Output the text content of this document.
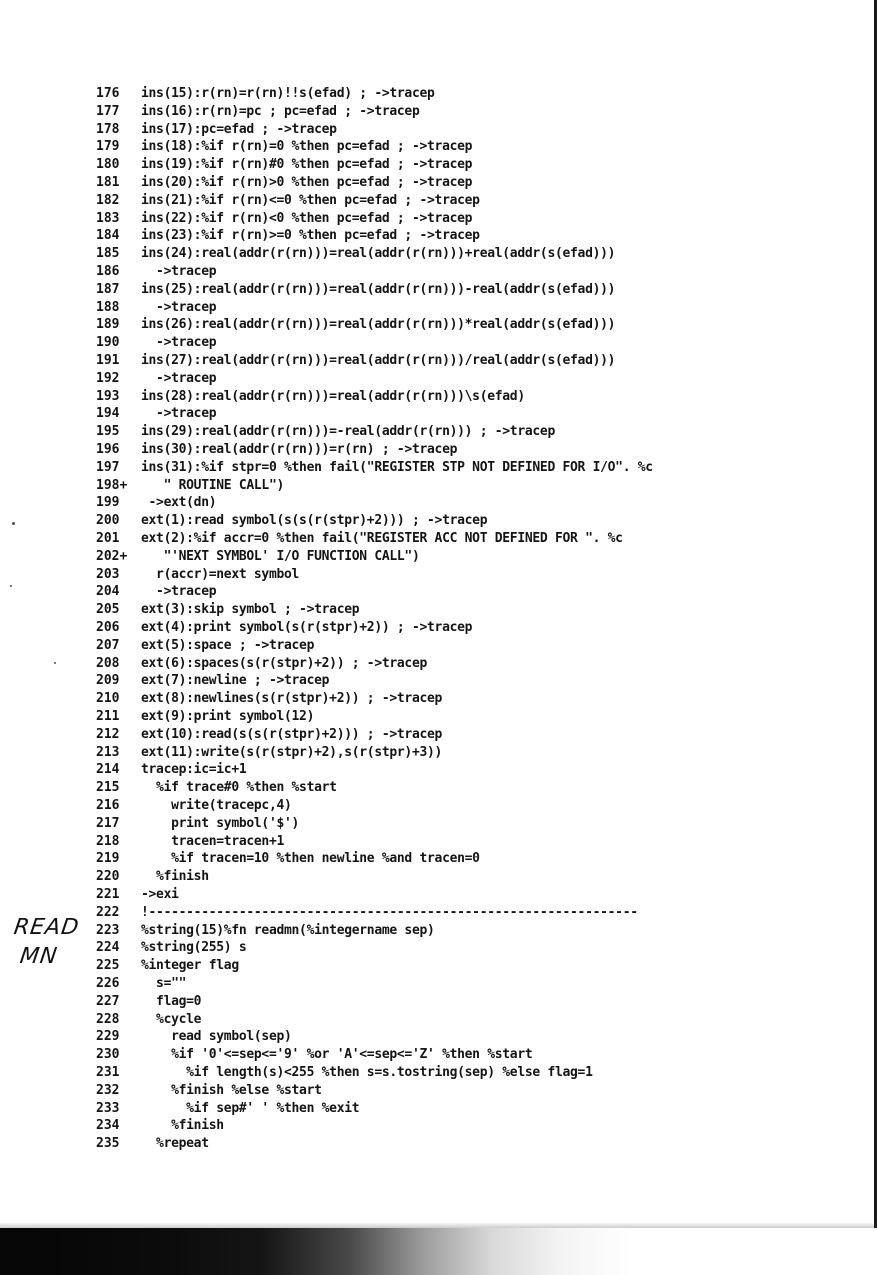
176	ins(15):r(rn)=r(rn)!!s(efad) ; ->tracep
177	ins(16):r(rn)=pc ; pc=efad ; ->tracep
178	ins(17):pc=efad ; ->tracep
179	ins(18):%if r(rn)=0 %then pc=efad ; ->tracep
180	ins(19):%if r(rn)#0 %then pc=efad ; ->tracep
181	ins(20):%if r(rn)>0 %then pc=efad ; ->tracep
182	ins(21):%if r(rn)<=0 %then pc=efad ; ->tracep
183	ins(22):%if r(rn)<0 %then pc=efad ; ->tracep
184	ins(23):%if r(rn)>=0 %then pc=efad ; ->tracep
185	ins(24):real(addr(r(rn)))=real(addr(r(rn)))+real(addr(s(efad)))
186	->tracep
187	ins(25):real(addr(r(rn)))=real(addr(r(rn)))-real(addr(s(efad)))
188	->tracep
189	ins(26):real(addr(r(rn)))=real(addr(r(rn)))*real(addr(s(efad)))
190	->tracep
191	ins(27):real(addr(r(rn)))=real(addr(r(rn)))/real(addr(s(efad)))
192	->tracep
193	ins(28):real(addr(r(rn)))=real(addr(r(rn)))\s(efad)
194	->tracep
195	ins(29):real(addr(r(rn)))=-real(addr(r(rn))) ; ->tracep
196	ins(30):real(addr(r(rn)))=r(rn) ; ->tracep
197	ins(31):%if stpr=0 %then fail("REGISTER STP NOT DEFINED FOR I/O". %c
198+	" ROUTINE CALL")
199	->ext(dn)
200	ext(1):read symbol(s(s(r(stpr)+2))) ; ->tracep
201	ext(2):%if accr=0 %then fail("REGISTER ACC NOT DEFINED FOR ". %c
202+	"'NEXT SYMBOL' I/O FUNCTION CALL")
203	r(accr)=next symbol
204	->tracep
205	ext(3):skip symbol ; ->tracep
206	ext(4):print symbol(s(r(stpr)+2)) ; ->tracep
207	ext(5):space ; ->tracep
208	ext(6):spaces(s(r(stpr)+2)) ; ->tracep
209	ext(7):newline ; ->tracep
210	ext(8):newlines(s(r(stpr)+2)) ; ->tracep
211	ext(9):print symbol(12)
212	ext(10):read(s(s(r(stpr)+2))) ; ->tracep
213	ext(11):write(s(r(stpr)+2),s(r(stpr)+3))
214	tracep:ic=ic+1
215	%if trace#0 %then %start
216	write(tracepc,4)
217	print symbol('$')
218	tracen=tracen+1
219	%if tracen=10 %then newline %and tracen=0
220	%finish
221	->exi
222	!-----------------------------------------------------------------
223	%string(15)%fn readmn(%integername sep)
224	%string(255) s
225	%integer flag
226	s=""
227	flag=0
228	%cycle
229	read symbol(sep)
230	%if '0'<=sep<='9' %or 'A'<=sep<='Z' %then %start
231	%if length(s)<255 %then s=s.tostring(sep) %else flag=1
232	%finish %else %start
233	%if sep#' ' %then %exit
234	%finish
235	%repeat
READ
MN
